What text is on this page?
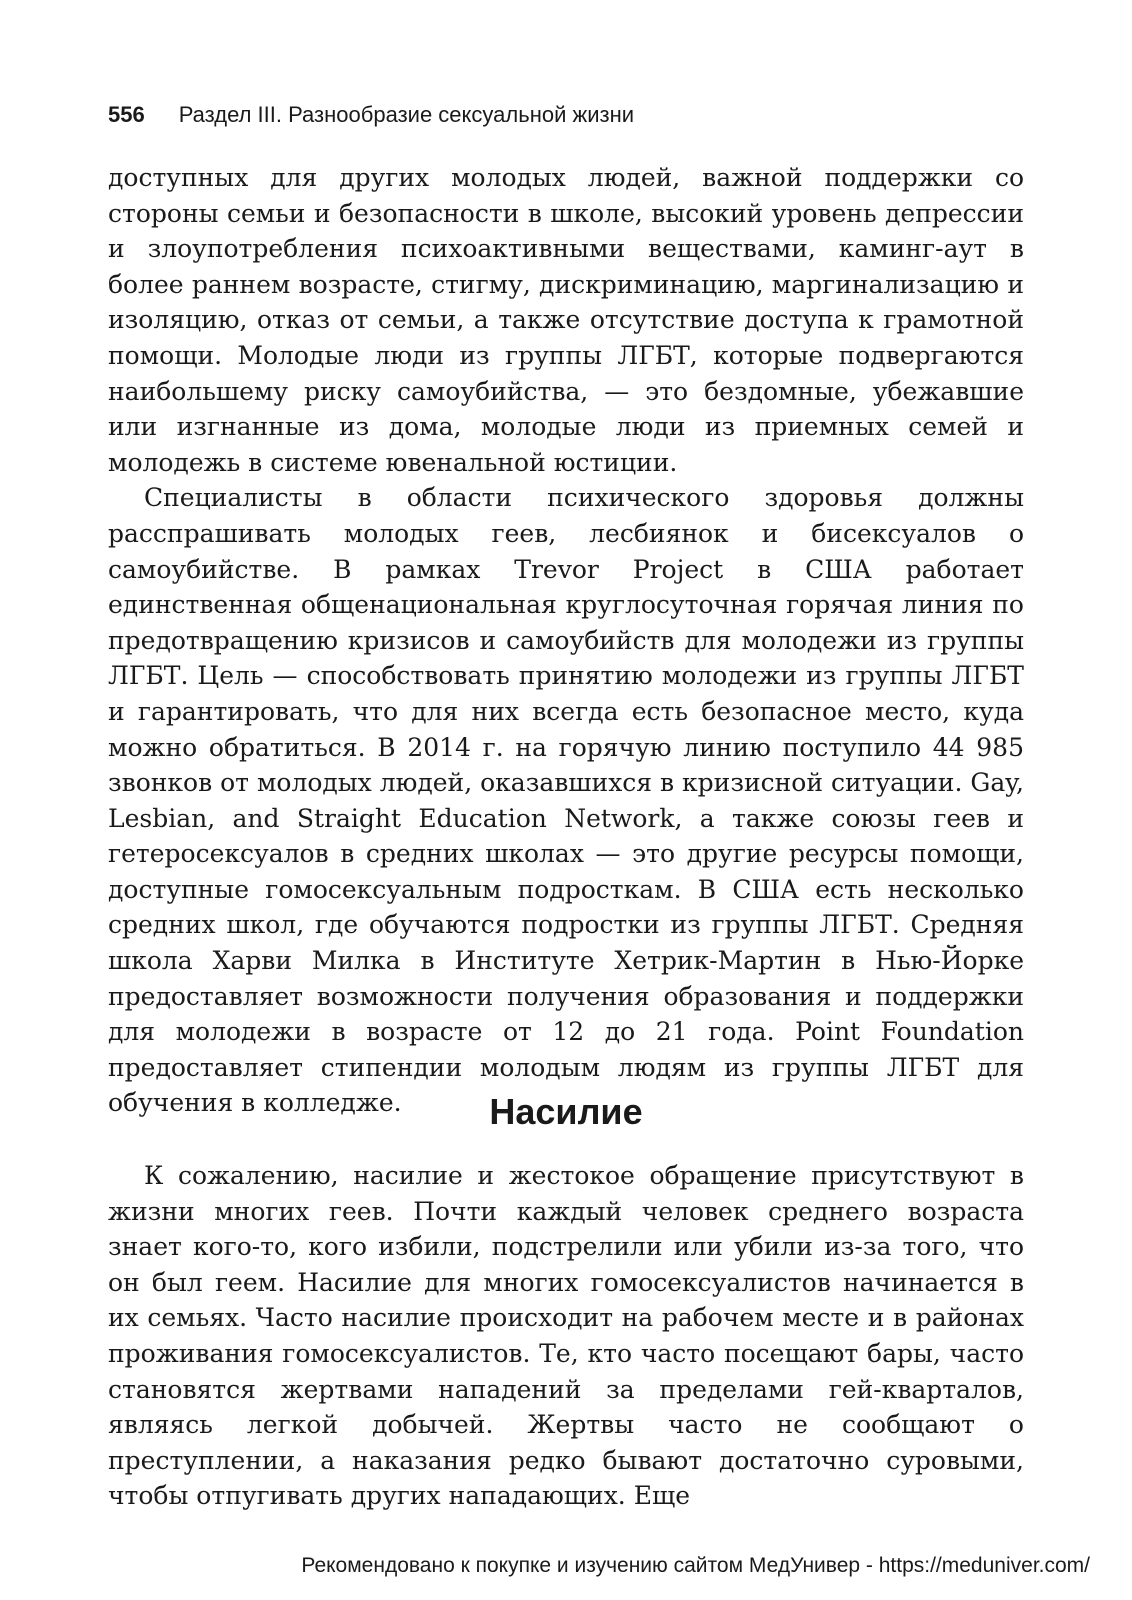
556 Раздел III. Разнообразие сексуальной жизни

доступных для других молодых людей, важной поддержки со стороны семьи и безопасности в школе, высокий уровень депрессии и злоупотребления психоактивными веществами, каминг-аут в более раннем возрасте, стигму, дискриминацию, маргинализацию и изоляцию, отказ от семьи, а также отсутствие доступа к грамотной помощи. Молодые люди из группы ЛГБТ, которые подвергаются наибольшему риску самоубийства, — это бездомные, убежавшие или изгнанные из дома, молодые люди из приемных семей и молодежь в системе ювенальной юстиции.

Специалисты в области психического здоровья должны расспрашивать молодых геев, лесбиянок и бисексуалов о самоубийстве. В рамках Trevor Project в США работает единственная общенациональная круглосуточная горячая линия по предотвращению кризисов и самоубийств для молодежи из группы ЛГБТ. Цель — способствовать принятию молодежи из группы ЛГБТ и гарантировать, что для них всегда есть безопасное место, куда можно обратиться. В 2014 г. на горячую линию поступило 44 985 звонков от молодых людей, оказавшихся в кризисной ситуации. Gay, Lesbian, and Straight Education Network, а также союзы геев и гетеросексуалов в средних школах — это другие ресурсы помощи, доступные гомосексуальным подросткам. В США есть несколько средних школ, где обучаются подростки из группы ЛГБТ. Средняя школа Харви Милка в Институте Хетрик-Мартин в Нью-Йорке предоставляет возможности получения образования и поддержки для молодежи в возрасте от 12 до 21 года. Point Foundation предоставляет стипендии молодым людям из группы ЛГБТ для обучения в колледже.	Насилие

К сожалению, насилие и жестокое обращение присутствуют в жизни многих геев. Почти каждый человек среднего возраста знает кого-то, кого избили, подстрелили или убили из-за того, что он был геем. Насилие для многих гомосексуалистов начинается в их семьях. Часто насилие происходит на рабочем месте и в районах проживания гомосексуалистов. Те, кто часто посещают бары, часто становятся жертвами нападений за пределами гей-кварталов, являясь легкой добычей. Жертвы часто не сообщают о преступлении, а наказания редко бывают достаточно суровыми, чтобы отпугивать других нападающих. Еще

Рекомендовано к покупке и изучению сайтом МедУнивер - https://meduniver.com/
